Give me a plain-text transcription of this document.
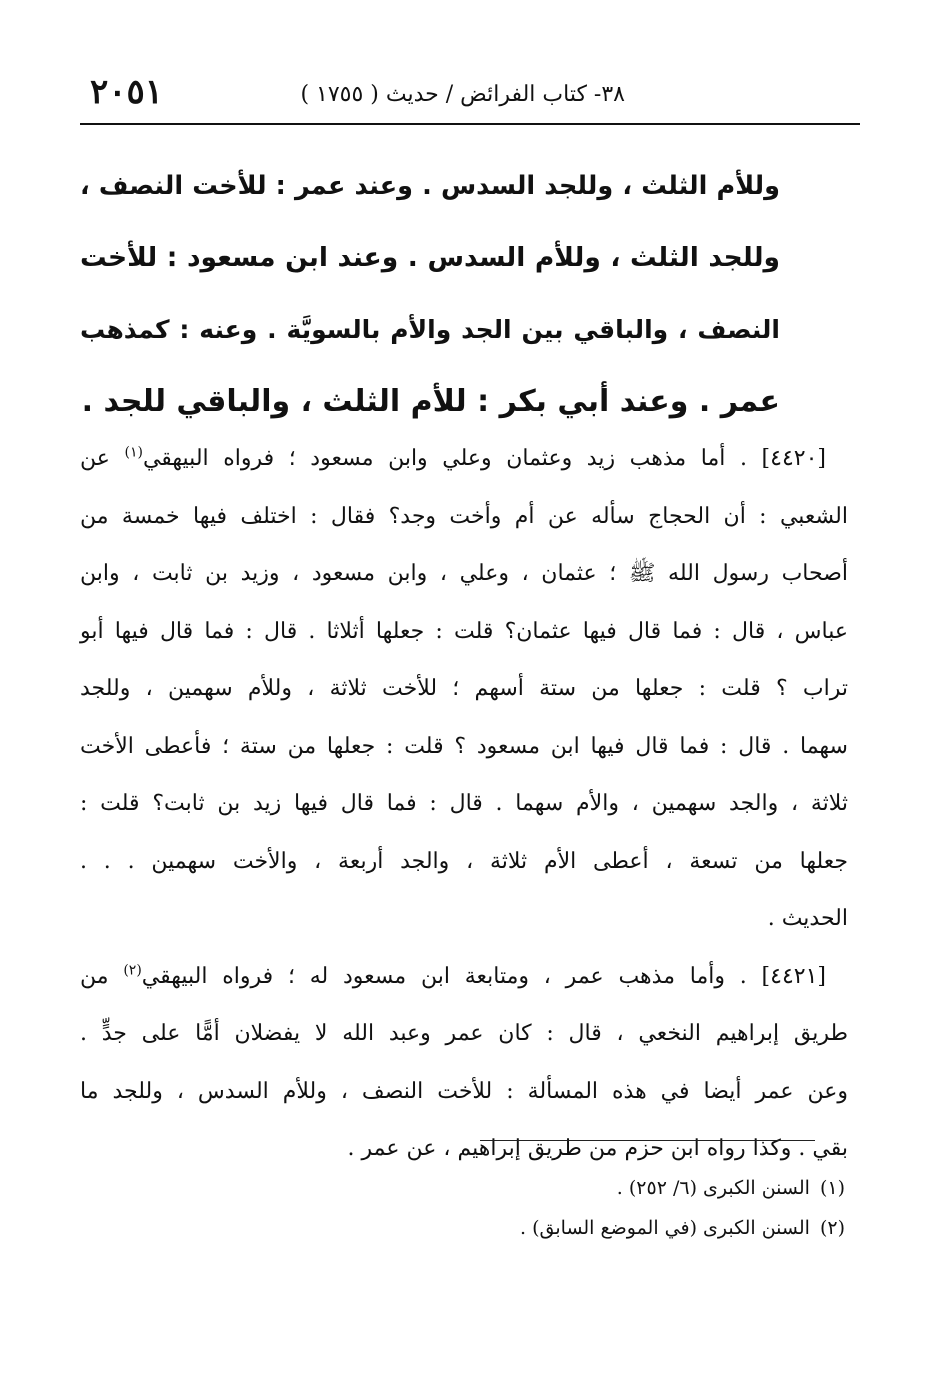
٣٨- كتاب الفرائض / حديث ( ١٧٥٥ )
٢٠٥١
وللأم الثلث ، وللجد السدس . وعند عمر : للأخت النصف ،
وللجد الثلث ، وللأم السدس . وعند ابن مسعود : للأخت
النصف ، والباقي بين الجد والأم بالسويَّة . وعنه : كمذهب
عمر . وعند أبي بكر : للأم الثلث ، والباقي للجد .
[٤٤٢٠] . أما مذهب زيد وعثمان وعلي وابن مسعود ؛ فرواه البيهقي$^{(١)}$ عن
الشعبي : أن الحجاج سأله عن أم وأخت وجد؟ فقال : اختلف فيها خمسة من
أصحاب رسول الله ﷺ ؛ عثمان ، وعلي ، وابن مسعود ، وزيد بن ثابت ، وابن
عباس ، قال : فما قال فيها عثمان؟ قلت : جعلها أثلاثا . قال : فما قال فيها أبو
تراب ؟ قلت : جعلها من ستة أسهم ؛ للأخت ثلاثة ، وللأم سهمين ، وللجد
سهما . قال : فما قال فيها ابن مسعود ؟ قلت : جعلها من ستة ؛ فأعطى الأخت
ثلاثة ، والجد سهمين ، والأم سهما . قال : فما قال فيها زيد بن ثابت؟ قلت :
جعلها من تسعة ، أعطى الأم ثلاثة ، والجد أربعة ، والأخت سهمين . . .
الحديث .
[٤٤٢١] . وأما مذهب عمر ، ومتابعة ابن مسعود له ؛ فرواه البيهقي$^{(٢)}$ من
طريق إبراهيم النخعي ، قال : كان عمر وعبد الله لا يفضلان أمًّا على جدٍّ .
وعن عمر أيضا في هذه المسألة : للأخت النصف ، وللأم السدس ، وللجد ما
بقي . وكذا رواه ابن حزم من طريق إبراهيم ، عن عمر .
(١)السنن الكبرى (٦/ ٢٥٢) .
(٢)السنن الكبرى (في الموضع السابق) .
